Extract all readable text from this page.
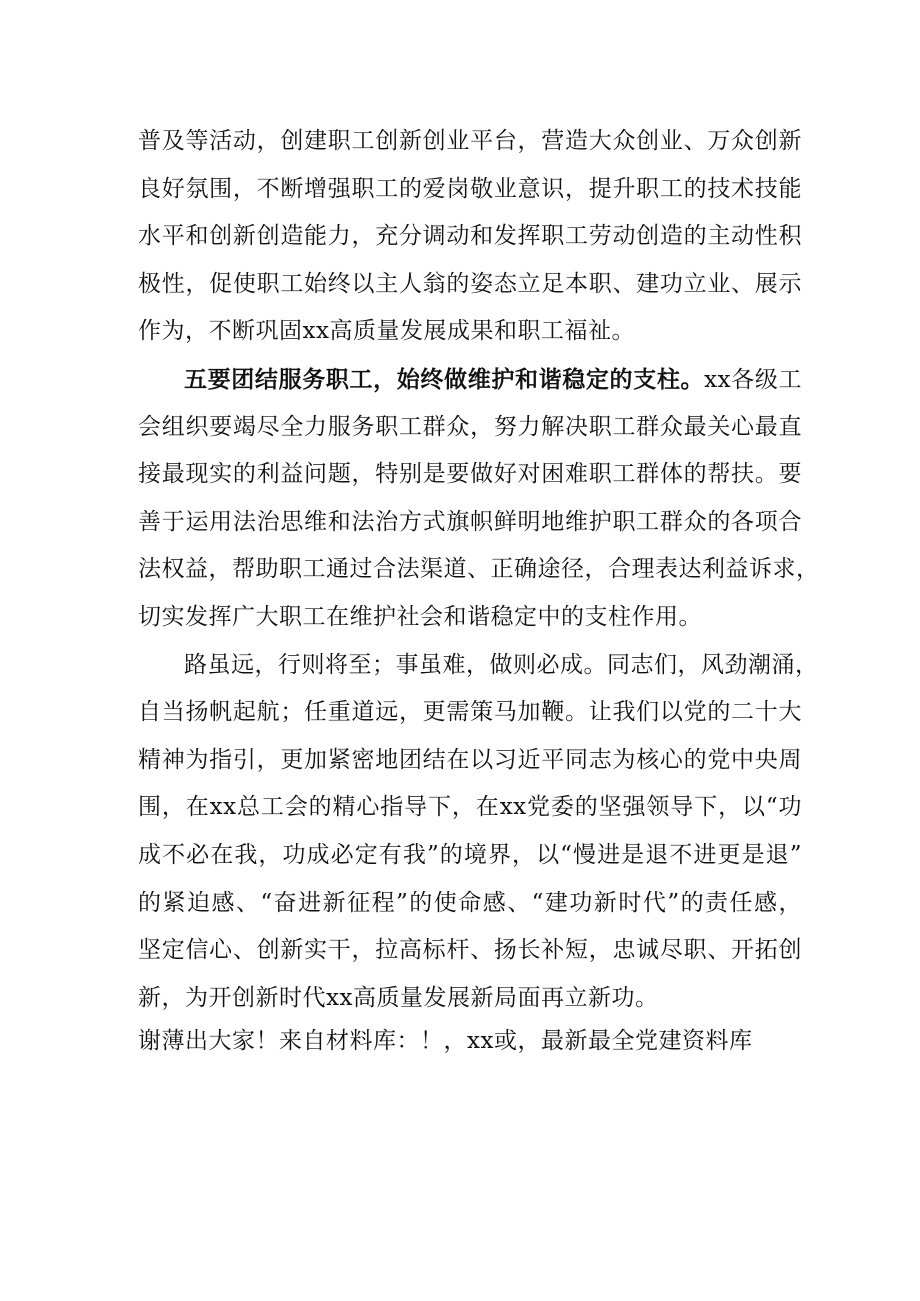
普及等活动，创建职工创新创业平台，营造大众创业、万众创新
良好氛围，不断增强职工的爱岗敬业意识，提升职工的技术技能
水平和创新创造能力，充分调动和发挥职工劳动创造的主动性积
极性，促使职工始终以主人翁的姿态立足本职、建功立业、展示
作为，不断巩固xx高质量发展成果和职工福祉。
五要团结服务职工，始终做维护和谐稳定的支柱。xx各级工
会组织要竭尽全力服务职工群众，努力解决职工群众最关心最直
接最现实的利益问题，特别是要做好对困难职工群体的帮扶。要
善于运用法治思维和法治方式旗帜鲜明地维护职工群众的各项合
法权益，帮助职工通过合法渠道、正确途径，合理表达利益诉求，
切实发挥广大职工在维护社会和谐稳定中的支柱作用。
路虽远，行则将至；事虽难，做则必成。同志们，风劲潮涌，
自当扬帆起航；任重道远，更需策马加鞭。让我们以党的二十大
精神为指引，更加紧密地团结在以习近平同志为核心的党中央周
围，在xx总工会的精心指导下，在xx党委的坚强领导下，以“功
成不必在我，功成必定有我”的境界，以“慢进是退不进更是退”
的紧迫感、“奋进新征程”的使命感、“建功新时代”的责任感，
坚定信心、创新实干，拉高标杆、扬长补短，忠诚尽职、开拓创
新，为开创新时代xx高质量发展新局面再立新功。
谢薄出大家！来自材料库：！，xx或，最新最全党建资料库
